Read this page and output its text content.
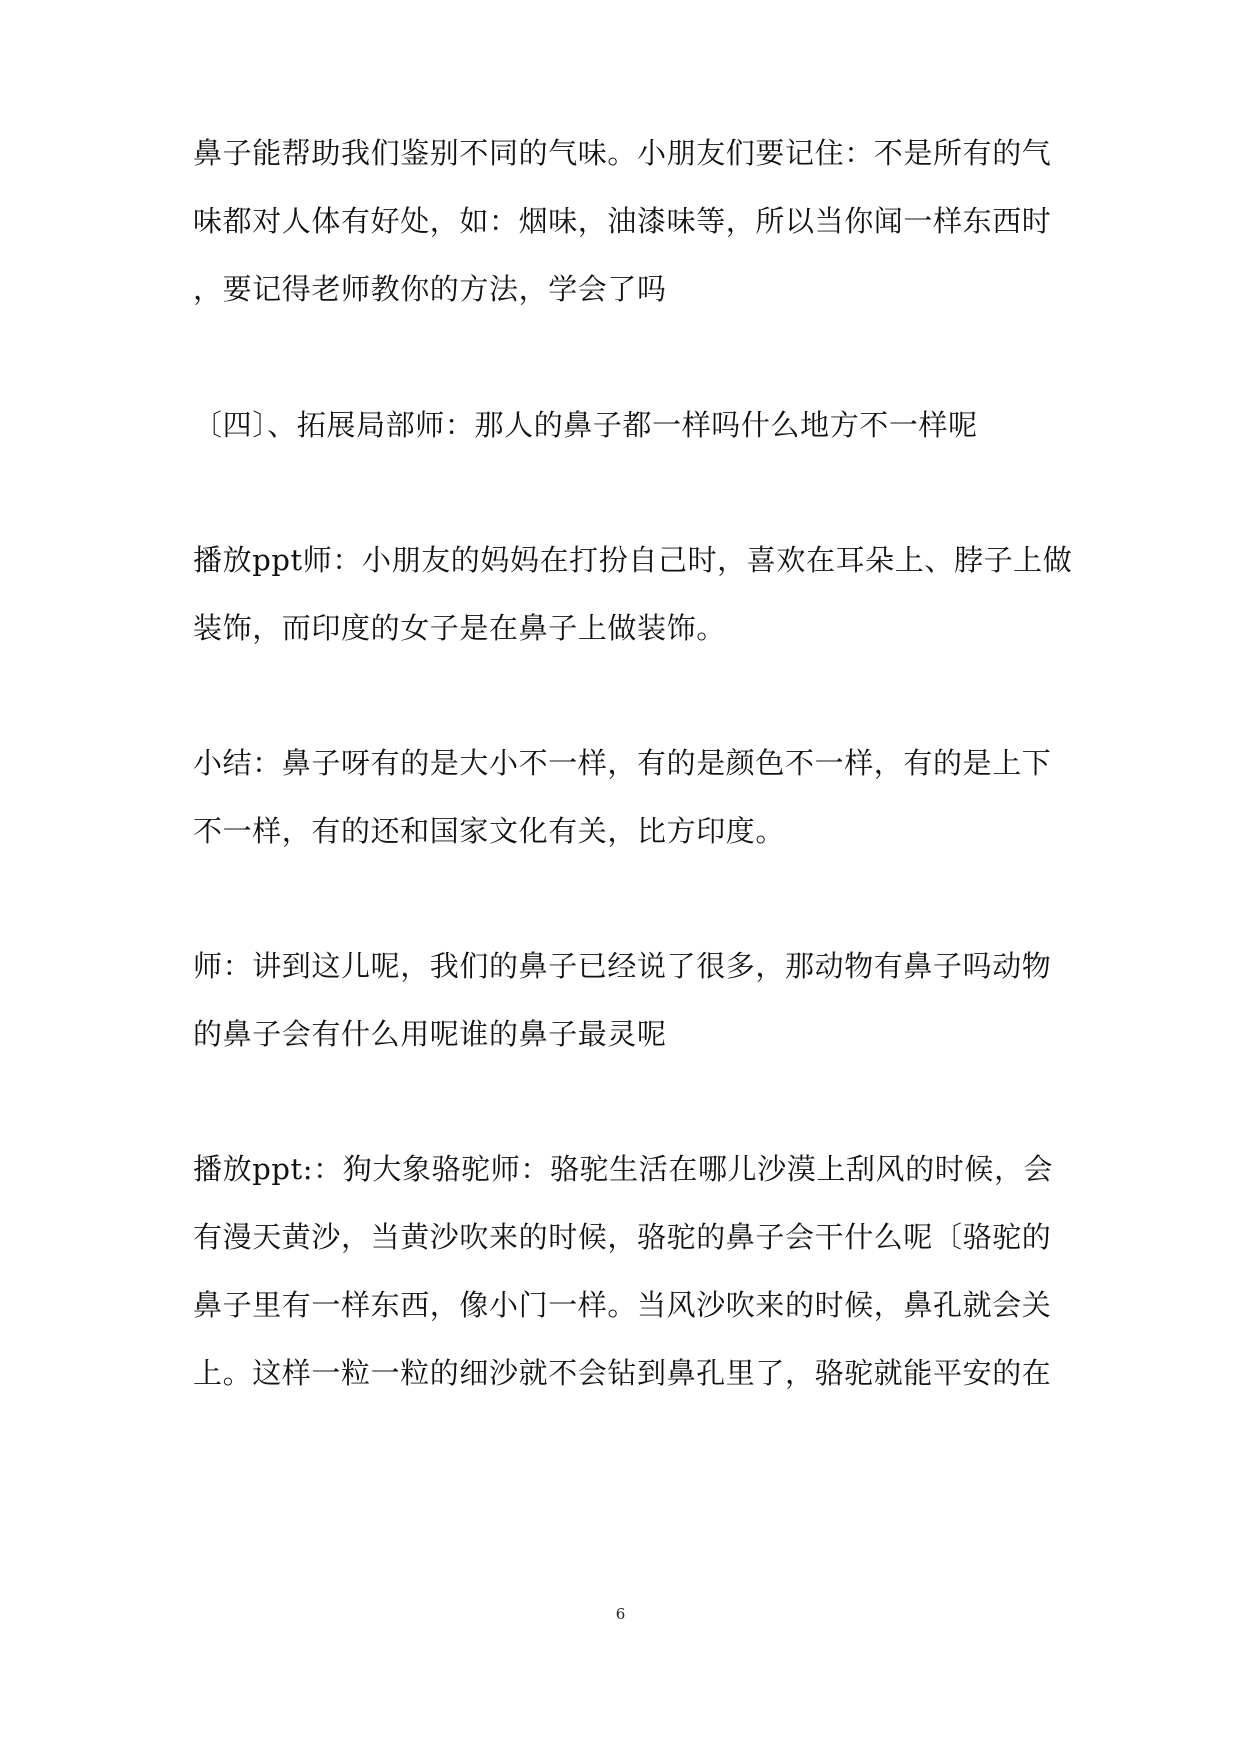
鼻子能帮助我们鉴别不同的气味。小朋友们要记住：不是所有的气
味都对人体有好处，如：烟味，油漆味等，所以当你闻一样东西时
，要记得老师教你的方法，学会了吗
〔四〕、拓展局部师：那人的鼻子都一样吗什么地方不一样呢
播放ppt师：小朋友的妈妈在打扮自己时，喜欢在耳朵上、脖子上做
装饰，而印度的女子是在鼻子上做装饰。
小结：鼻子呀有的是大小不一样，有的是颜色不一样，有的是上下
不一样，有的还和国家文化有关，比方印度。
师：讲到这儿呢，我们的鼻子已经说了很多，那动物有鼻子吗动物
的鼻子会有什么用呢谁的鼻子最灵呢
播放ppt:：狗大象骆驼师：骆驼生活在哪儿沙漠上刮风的时候，会
有漫天黄沙，当黄沙吹来的时候，骆驼的鼻子会干什么呢〔骆驼的
鼻子里有一样东西，像小门一样。当风沙吹来的时候，鼻孔就会关
上。这样一粒一粒的细沙就不会钻到鼻孔里了，骆驼就能平安的在
6
